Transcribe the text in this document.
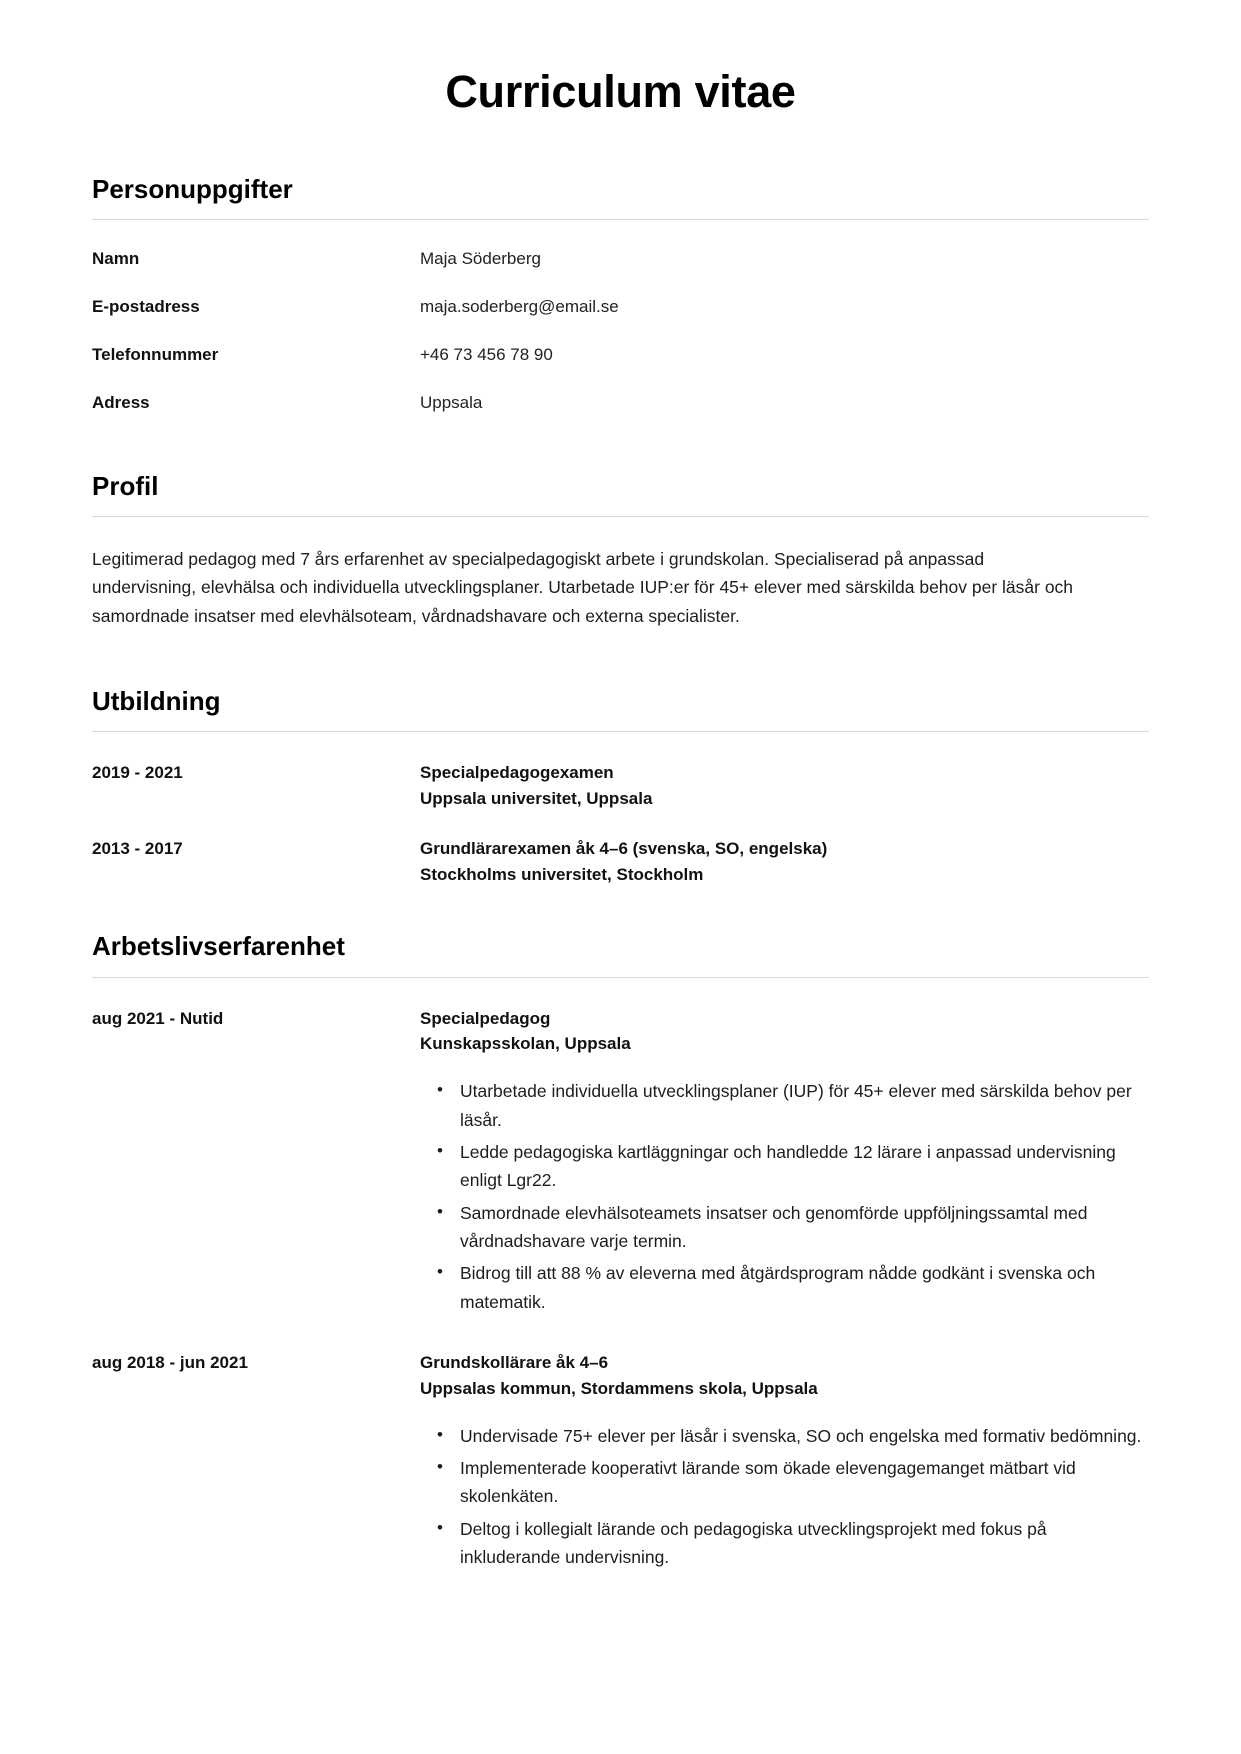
Curriculum vitae
Personuppgifter
Namn	Maja Söderberg
E-postadress	maja.soderberg@email.se
Telefonnummer	+46 73 456 78 90
Adress	Uppsala
Profil

Legitimerad pedagog med 7 års erfarenhet av specialpedagogiskt arbete i grundskolan. Specialiserad på anpassad undervisning, elevhälsa och individuella utvecklingsplaner. Utarbetade IUP:er för 45+ elever med särskilda behov per läsår och samordnade insatser med elevhälsoteam, vårdnadshavare och externa specialister.

Utbildning
2019 - 2021	Specialpedagogexamen
Uppsala universitet, Uppsala
2013 - 2017	Grundlärarexamen åk 4–6 (svenska, SO, engelska)
Stockholms universitet, Stockholm
Arbetslivserfarenhet
aug 2021 - Nutid	Specialpedagog
Kunskapsskolan, Uppsala
• Utarbetade individuella utvecklingsplaner (IUP) för 45+ elever med särskilda behov per läsår.
• Ledde pedagogiska kartläggningar och handledde 12 lärare i anpassad undervisning enligt Lgr22.
• Samordnade elevhälsoteamets insatser och genomförde uppföljningssamtal med vårdnadshavare varje termin.
• Bidrog till att 88 % av eleverna med åtgärdsprogram nådde godkänt i svenska och matematik.
aug 2018 - jun 2021	Grundskollärare åk 4–6
Uppsalas kommun, Stordammens skola, Uppsala
• Undervisade 75+ elever per läsår i svenska, SO och engelska med formativ bedömning.
• Implementerade kooperativt lärande som ökade elevengagemanget mätbart vid skolenkäten.
• Deltog i kollegialt lärande och pedagogiska utvecklingsprojekt med fokus på inkluderande undervisning.
